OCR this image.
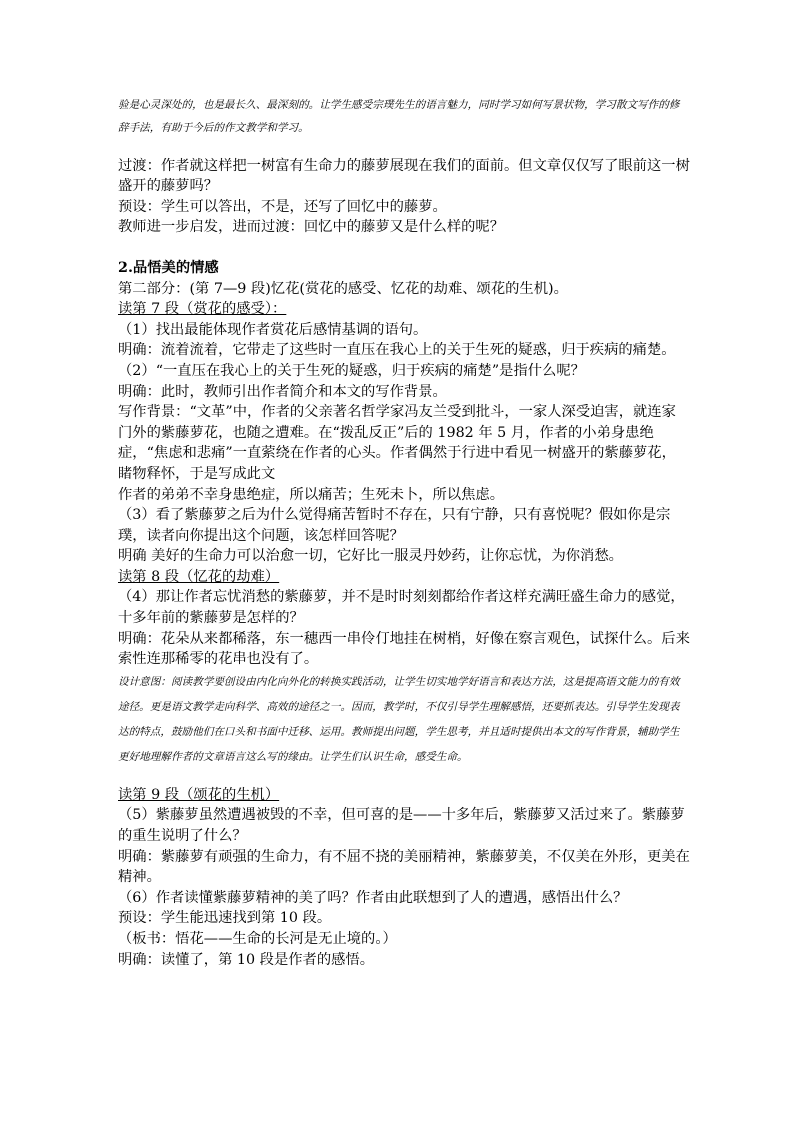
验是心灵深处的，也是最长久、最深刻的。让学生感受宗璞先生的语言魅力，同时学习如何写景状物，学习散文写作的修辞手法，有助于今后的作文教学和学习。

过渡：作者就这样把一树富有生命力的藤萝展现在我们的面前。但文章仅仅写了眼前这一树盛开的藤萝吗？

预设：学生可以答出，不是，还写了回忆中的藤萝。

教师进一步启发，进而过渡：回忆中的藤萝又是什么样的呢？

2.品悟美的情感

第二部分：(第 7—9 段)忆花(赏花的感受、忆花的劫难、颂花的生机)。

读第 7 段（赏花的感受）：

（1）找出最能体现作者赏花后感情基调的语句。

明确：流着流着，它带走了这些时一直压在我心上的关于生死的疑惑，归于疾病的痛楚。

（2）“一直压在我心上的关于生死的疑惑，归于疾病的痛楚”是指什么呢？

明确：此时，教师引出作者简介和本文的写作背景。

写作背景：“文革”中，作者的父亲著名哲学家冯友兰受到批斗，一家人深受迫害，就连家门外的紫藤萝花，也随之遭难。在“拨乱反正”后的 1982 年 5 月，作者的小弟身患绝症，“焦虑和悲痛”一直萦绕在作者的心头。作者偶然于行进中看见一树盛开的紫藤萝花，睹物释怀，于是写成此文

作者的弟弟不幸身患绝症，所以痛苦；生死未卜，所以焦虑。

（3）看了紫藤萝之后为什么觉得痛苦暂时不存在，只有宁静，只有喜悦呢？假如你是宗璞，读者向你提出这个问题，该怎样回答呢？

明确 美好的生命力可以治愈一切，它好比一服灵丹妙药，让你忘忧，为你消愁。

读第 8 段（忆花的劫难）

（4）那让作者忘忧消愁的紫藤萝，并不是时时刻刻都给作者这样充满旺盛生命力的感觉，十多年前的紫藤萝是怎样的？

明确：花朵从来都稀落，东一穗西一串伶仃地挂在树梢，好像在察言观色，试探什么。后来索性连那稀零的花串也没有了。

设计意图：阅读教学要创设由内化向外化的转换实践活动，让学生切实地学好语言和表达方法，这是提高语文能力的有效途径。更是语文教学走向科学、高效的途径之一。因而，教学时，不仅引导学生理解感悟，还要抓表达。引导学生发现表达的特点，鼓励他们在口头和书面中迁移、运用。教师提出问题，学生思考，并且适时提供出本文的写作背景，辅助学生更好地理解作者的文章语言这么写的缘由。让学生们认识生命，感受生命。

读第 9 段（颂花的生机）

（5）紫藤萝虽然遭遇被毁的不幸，但可喜的是——十多年后，紫藤萝又活过来了。紫藤萝的重生说明了什么？

明确：紫藤萝有顽强的生命力，有不屈不挠的美丽精神，紫藤萝美，不仅美在外形，更美在精神。

（6）作者读懂紫藤萝精神的美了吗？作者由此联想到了人的遭遇，感悟出什么？

预设：学生能迅速找到第 10 段。

（板书：悟花——生命的长河是无止境的。）

明确：读懂了，第 10 段是作者的感悟。
